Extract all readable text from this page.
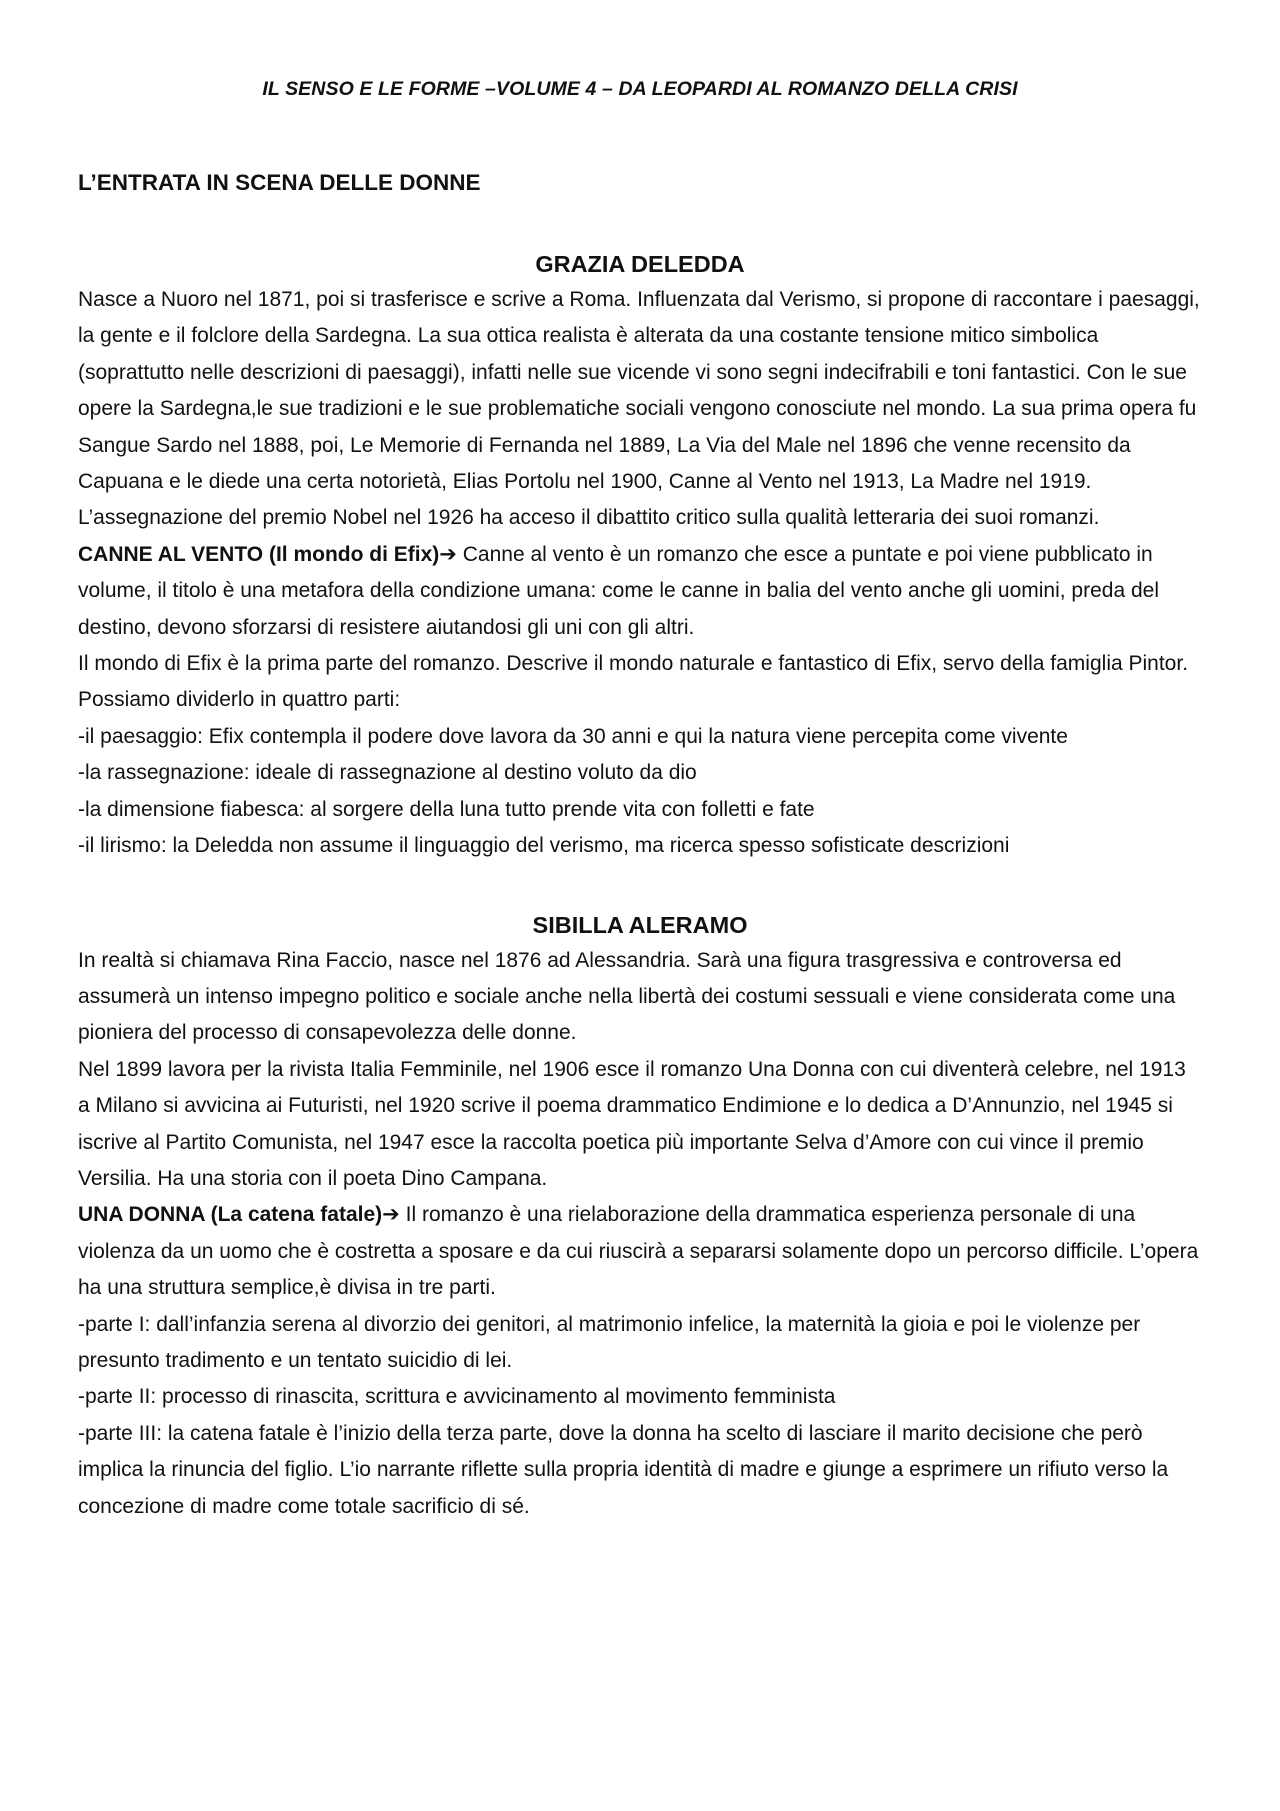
IL SENSO E LE FORME –VOLUME 4 – DA LEOPARDI AL ROMANZO DELLA CRISI
L’ENTRATA IN SCENA DELLE DONNE
GRAZIA DELEDDA

Nasce a Nuoro nel 1871, poi si trasferisce e scrive a Roma. Influenzata dal Verismo, si propone di raccontare i paesaggi, la gente e il folclore della Sardegna. La sua ottica realista è alterata da una costante tensione mitico simbolica (soprattutto nelle descrizioni di paesaggi), infatti nelle sue vicende vi sono segni indecifrabili e toni fantastici. Con le sue opere la Sardegna,le sue tradizioni e le sue problematiche sociali vengono conosciute nel mondo. La sua prima opera fu Sangue Sardo nel 1888, poi, Le Memorie di Fernanda nel 1889, La Via del Male nel 1896 che venne recensito da Capuana e le diede una certa notorietà, Elias Portolu nel 1900, Canne al Vento nel 1913, La Madre nel 1919. L’assegnazione del premio Nobel nel 1926 ha acceso il dibattito critico sulla qualità letteraria dei suoi romanzi.

CANNE AL VENTO (Il mondo di Efix)➔ Canne al vento è un romanzo che esce a puntate e poi viene pubblicato in volume, il titolo è una metafora della condizione umana: come le canne in balia del vento anche gli uomini, preda del destino, devono sforzarsi di resistere aiutandosi gli uni con gli altri.

Il mondo di Efix è la prima parte del romanzo. Descrive il mondo naturale e fantastico di Efix, servo della famiglia Pintor. Possiamo dividerlo in quattro parti:

-il paesaggio: Efix contempla il podere dove lavora da 30 anni e qui la natura viene percepita come vivente

-la rassegnazione: ideale di rassegnazione al destino voluto da dio

-la dimensione fiabesca: al sorgere della luna tutto prende vita con folletti e fate

-il lirismo: la Deledda non assume il linguaggio del verismo, ma ricerca spesso sofisticate descrizioni

SIBILLA ALERAMO

In realtà si chiamava Rina Faccio, nasce nel 1876 ad Alessandria. Sarà una figura trasgressiva e controversa ed assumerà un intenso impegno politico e sociale anche nella libertà dei costumi sessuali e viene considerata come una pioniera del processo di consapevolezza delle donne.

Nel 1899 lavora per la rivista Italia Femminile, nel 1906 esce il romanzo Una Donna con cui diventerà celebre, nel 1913 a Milano si avvicina ai Futuristi, nel 1920 scrive il poema drammatico Endimione e lo dedica a D’Annunzio, nel 1945 si iscrive al Partito Comunista, nel 1947 esce la raccolta poetica più importante Selva d’Amore con cui vince il premio Versilia. Ha una storia con il poeta Dino Campana.

UNA DONNA (La catena fatale)➔ Il romanzo è una rielaborazione della drammatica esperienza personale di una violenza da un uomo che è costretta a sposare e da cui riuscirà a separarsi solamente dopo un percorso difficile. L’opera ha una struttura semplice,è divisa in tre parti.

-parte I: dall’infanzia serena al divorzio dei genitori, al matrimonio infelice, la maternità la gioia e poi le violenze per presunto tradimento e un tentato suicidio di lei.

-parte II: processo di rinascita, scrittura e avvicinamento al movimento femminista

-parte III: la catena fatale è l’inizio della terza parte, dove la donna ha scelto di lasciare il marito decisione che però implica la rinuncia del figlio. L’io narrante riflette sulla propria identità di madre e giunge a esprimere un rifiuto verso la concezione di madre come totale sacrificio di sé.
